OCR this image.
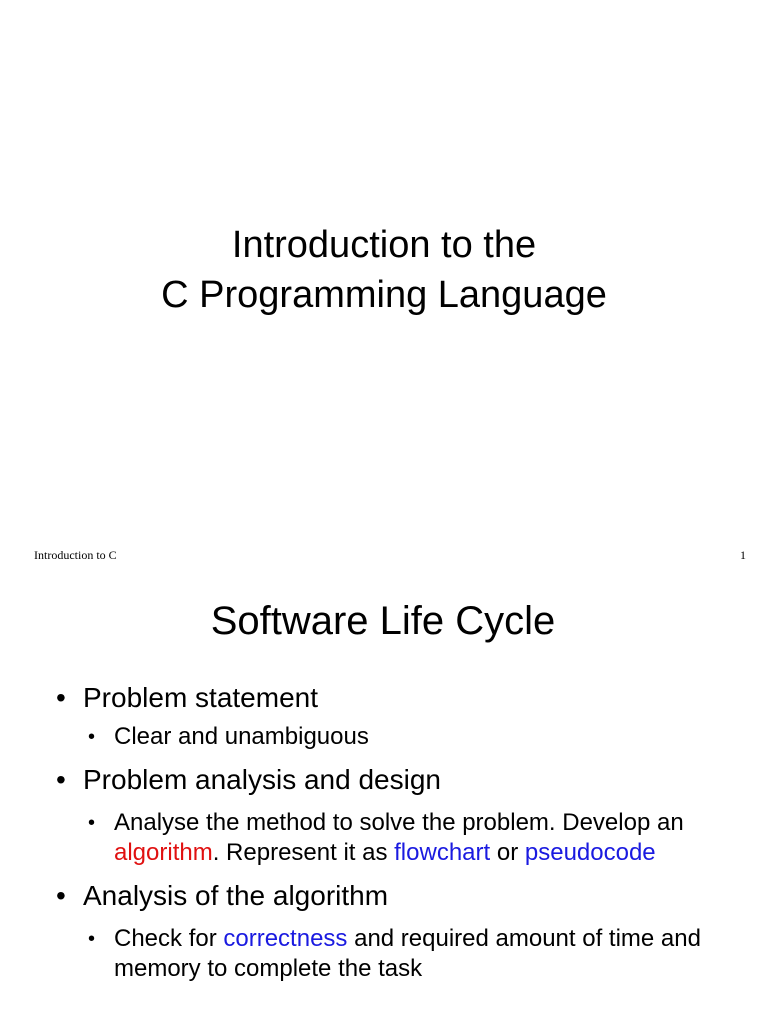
Introduction to the
C Programming Language
Introduction to C	1
Software Life Cycle
• Problem statement
• Clear and unambiguous
• Problem analysis and design
• Analyse the method to solve the problem. Develop an algorithm. Represent it as flowchart or pseudocode
• Analysis of the algorithm
• Check for correctness and required amount of time and memory to complete the task
